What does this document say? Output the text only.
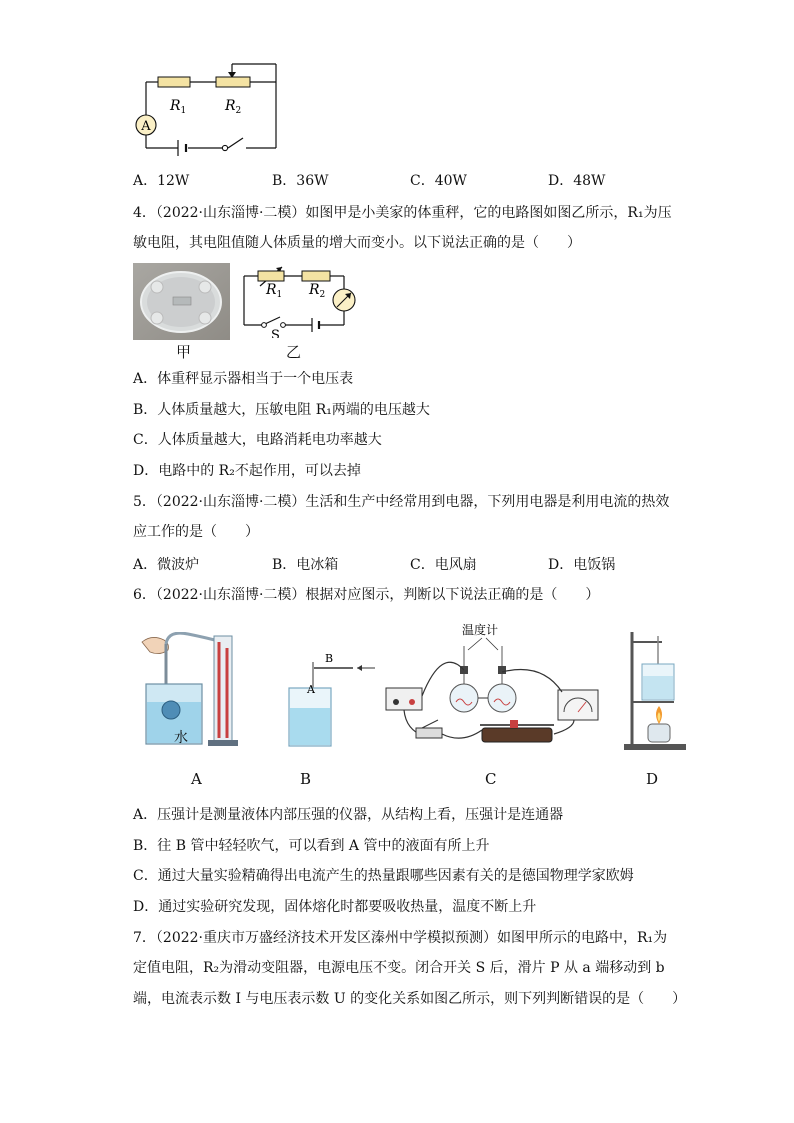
A
$R_1$	$R_2$
A．12W	B．36W	C．40W	D．48W
4．（2022·山东淄博·二模）如图甲是小美家的体重秤，它的电路图如图乙所示，R₁为压
敏电阻，其电阻值随人体质量的增大而变小。以下说法正确的是（　　）
甲
$R_1$ $R_2$
S
乙
A．体重秤显示器相当于一个电压表
B．人体质量越大，压敏电阻 R₁两端的电压越大
C．人体质量越大，电路消耗电功率越大
D．电路中的 R₂不起作用，可以去掉
5．（2022·山东淄博·二模）生活和生产中经常用到电器，下列用电器是利用电流的热效
应工作的是（　　）
A．微波炉	B．电冰箱	C．电风扇	D．电饭锅
6．（2022·山东淄博·二模）根据对应图示，判断以下说法正确的是（　　）
水
B
A
温度计
A	B	C	D
A．压强计是测量液体内部压强的仪器，从结构上看，压强计是连通器
B．往 B 管中轻轻吹气，可以看到 A 管中的液面有所上升
C．通过大量实验精确得出电流产生的热量跟哪些因素有关的是德国物理学家欧姆
D．通过实验研究发现，固体熔化时都要吸收热量，温度不断上升
7．（2022·重庆市万盛经济技术开发区溱州中学模拟预测）如图甲所示的电路中，R₁为
定值电阻，R₂为滑动变阻器，电源电压不变。闭合开关 S 后，滑片 P 从 a 端移动到 b
端，电流表示数 I 与电压表示数 U 的变化关系如图乙所示，则下列判断错误的是（　　）
